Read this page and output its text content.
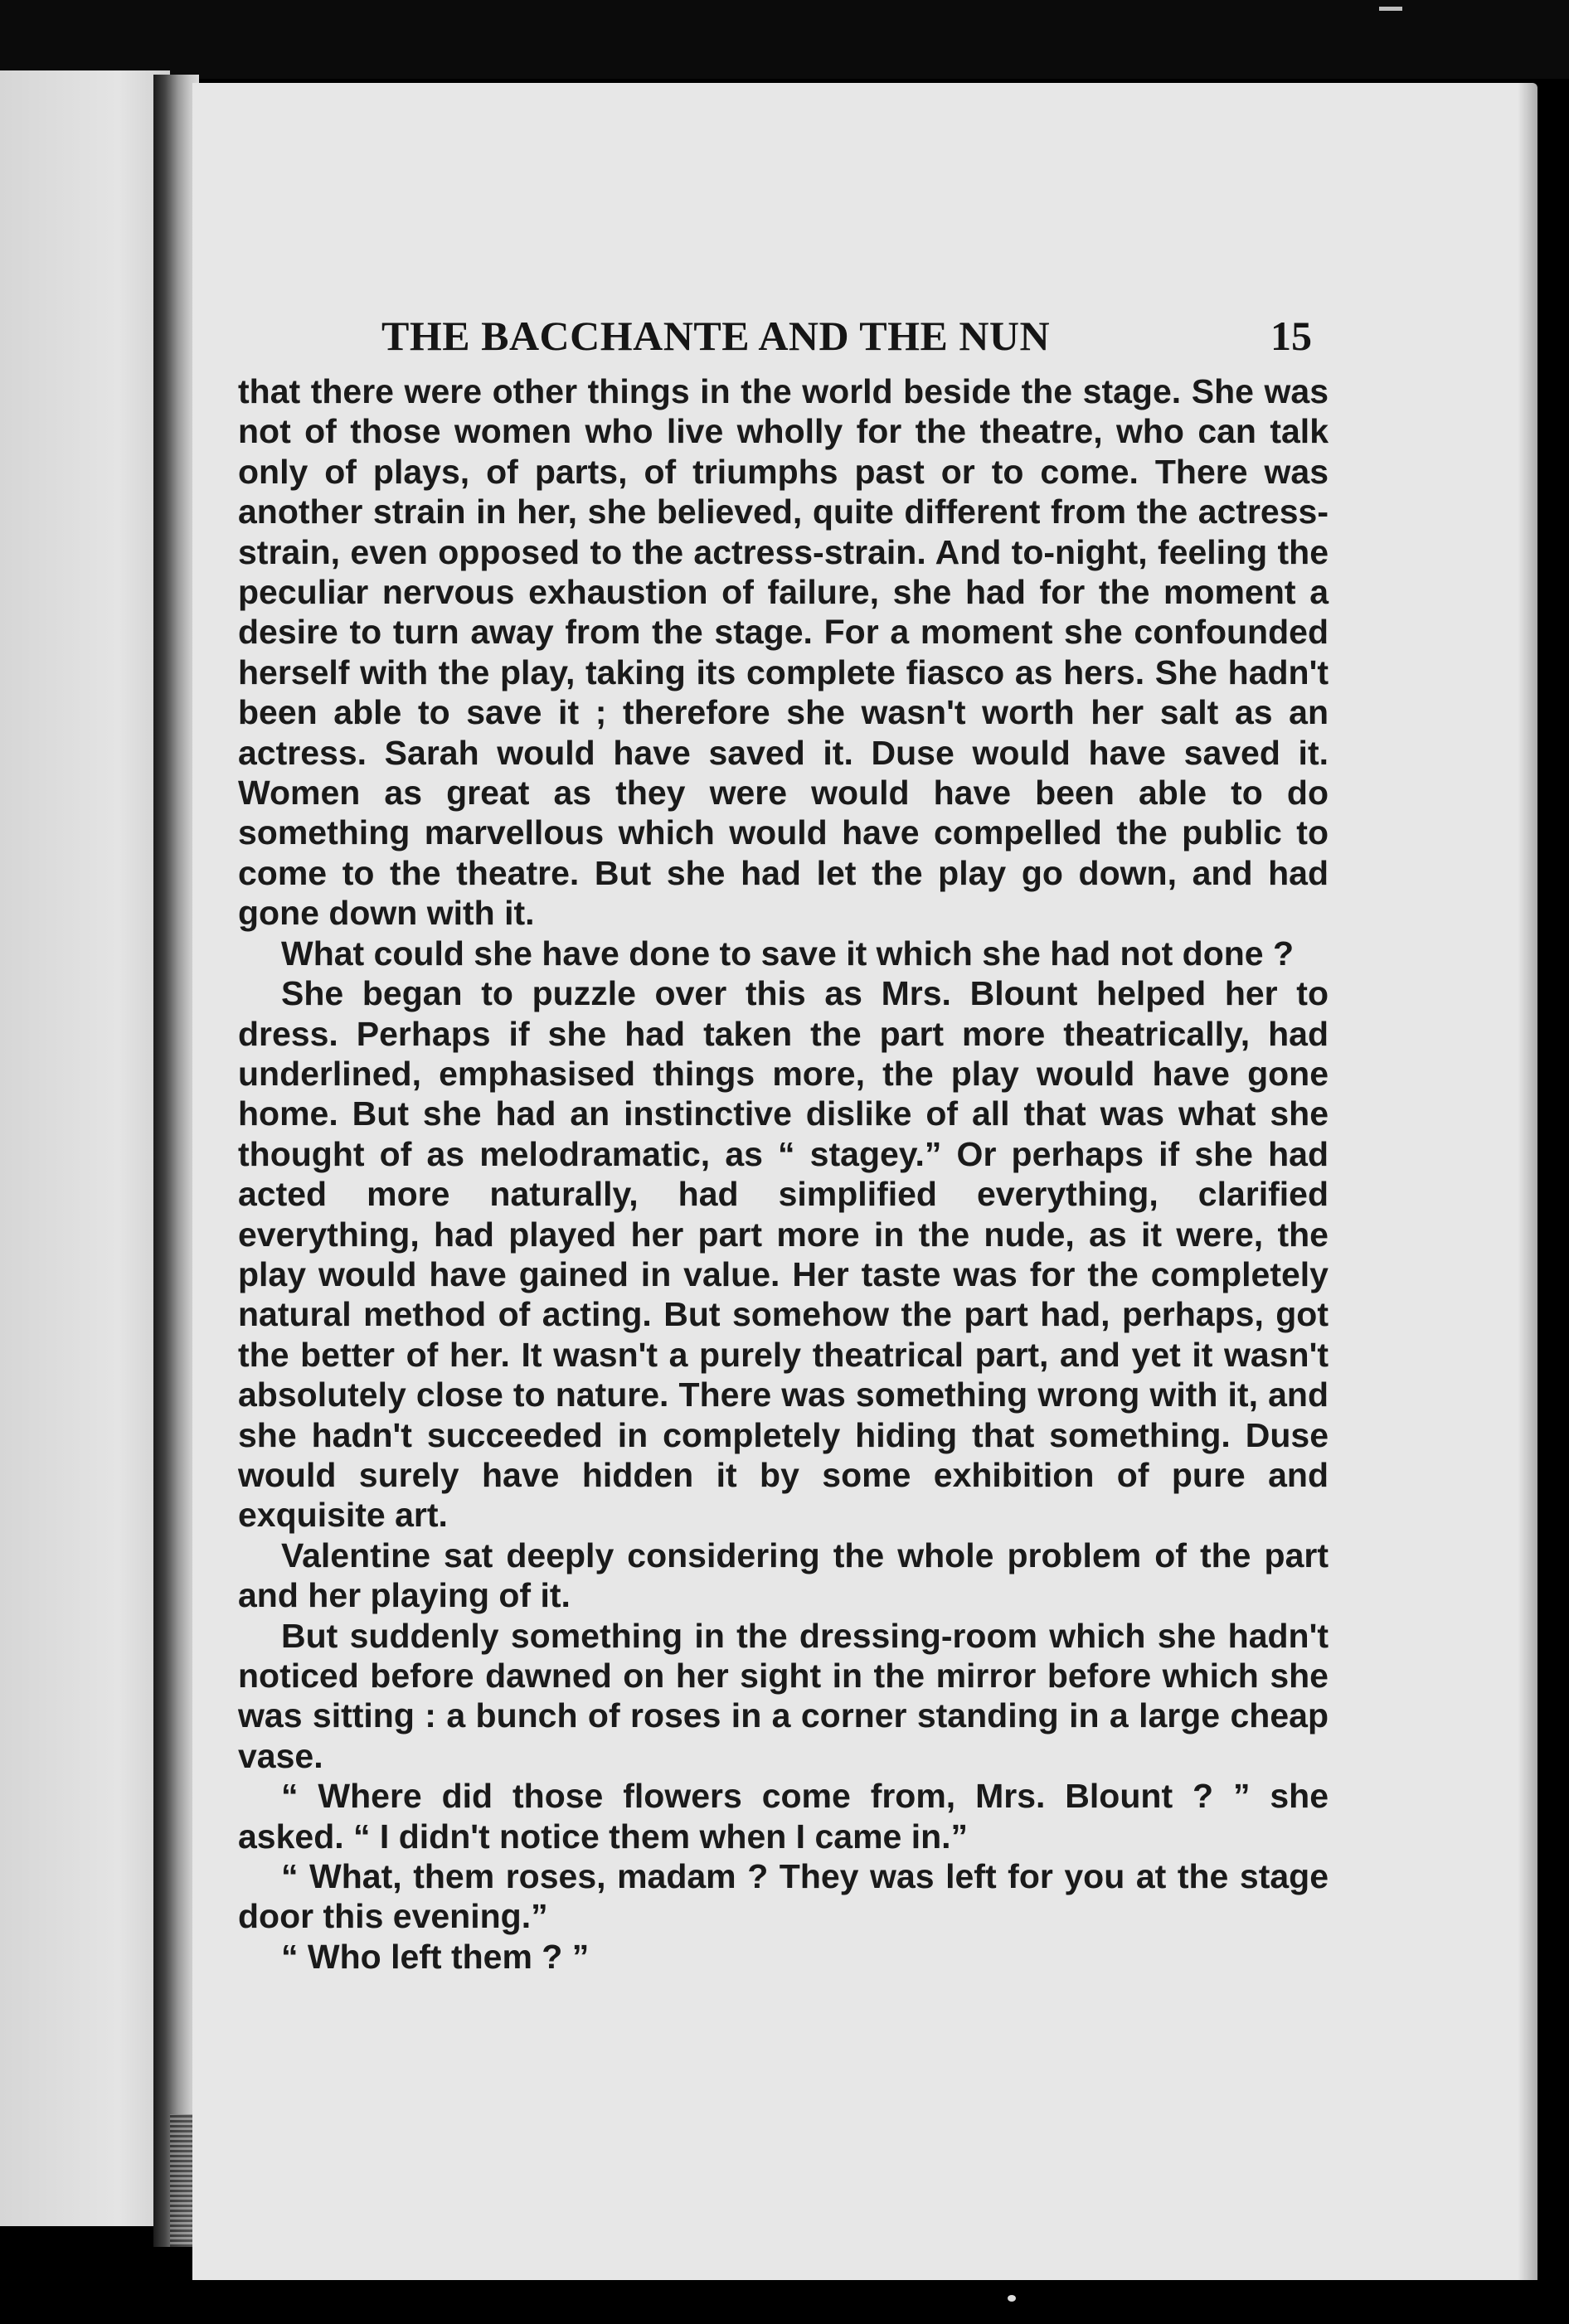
THE BACCHANTE AND THE NUN	15

that there were other things in the world beside the stage. She was not of those women who live wholly for the theatre, who can talk only of plays, of parts, of triumphs past or to come. There was another strain in her, she believed, quite different from the actress-strain, even opposed to the actress-strain. And to-night, feeling the peculiar nervous exhaustion of failure, she had for the moment a desire to turn away from the stage. For a moment she confounded herself with the play, taking its complete fiasco as hers. She hadn't been able to save it ; therefore she wasn't worth her salt as an actress. Sarah would have saved it. Duse would have saved it. Women as great as they were would have been able to do something marvellous which would have compelled the public to come to the theatre. But she had let the play go down, and had gone down with it.

What could she have done to save it which she had not done ?

She began to puzzle over this as Mrs. Blount helped her to dress. Perhaps if she had taken the part more theatrically, had underlined, emphasised things more, the play would have gone home. But she had an instinctive dislike of all that was what she thought of as melodramatic, as “ stagey.” Or perhaps if she had acted more naturally, had simplified everything, clarified everything, had played her part more in the nude, as it were, the play would have gained in value. Her taste was for the completely natural method of acting. But somehow the part had, perhaps, got the better of her. It wasn't a purely theatrical part, and yet it wasn't absolutely close to nature. There was something wrong with it, and she hadn't succeeded in completely hiding that something. Duse would surely have hidden it by some exhibition of pure and exquisite art.

Valentine sat deeply considering the whole problem of the part and her playing of it.

But suddenly something in the dressing-room which she hadn't noticed before dawned on her sight in the mirror before which she was sitting : a bunch of roses in a corner standing in a large cheap vase.

“ Where did those flowers come from, Mrs. Blount ? ” she asked. “ I didn't notice them when I came in.”

“ What, them roses, madam ? They was left for you at the stage door this evening.”

“ Who left them ? ”
